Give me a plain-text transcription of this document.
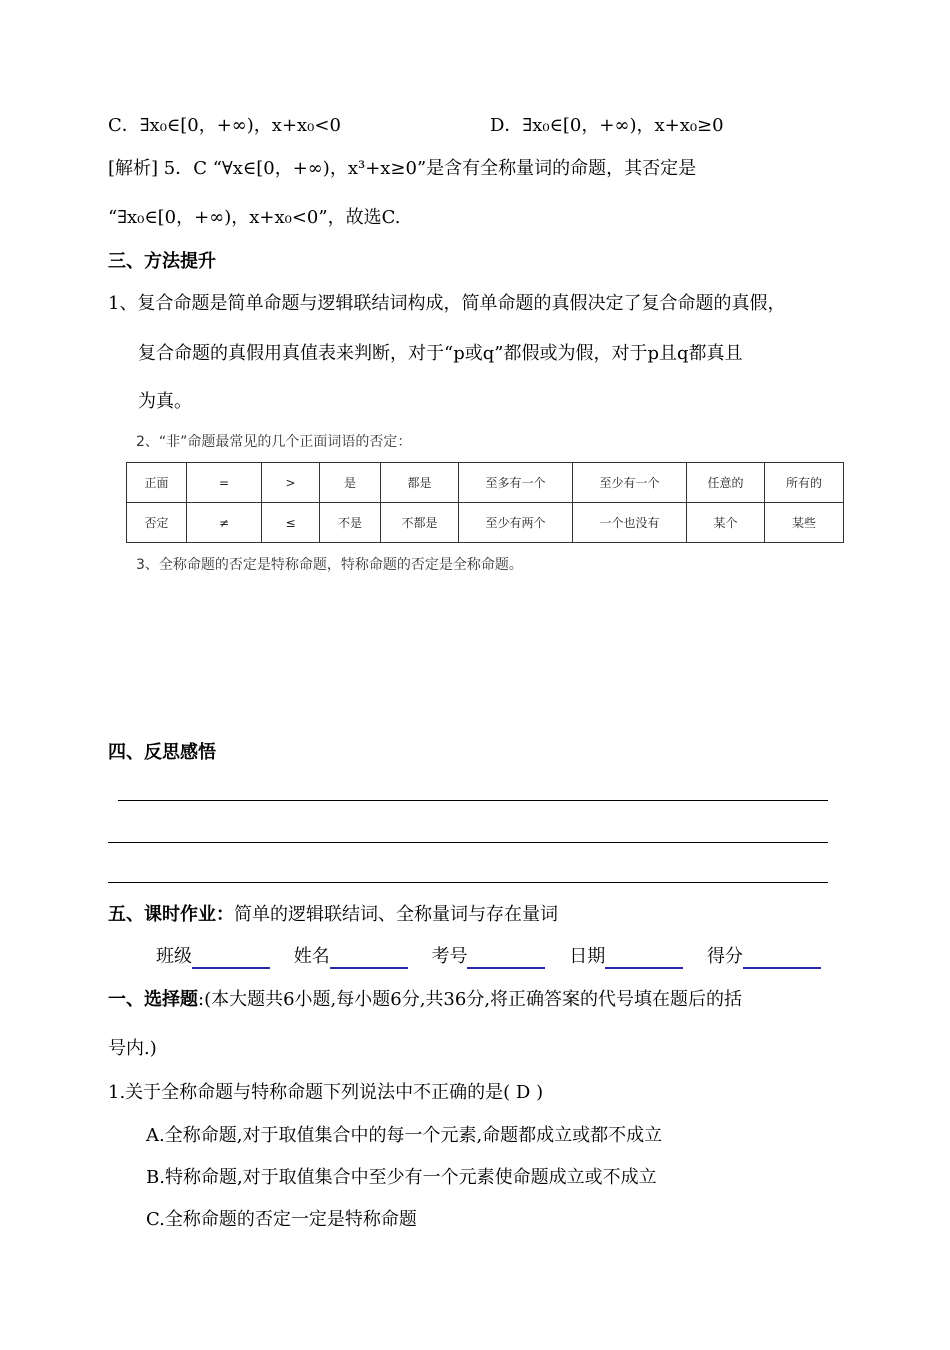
C．∃x₀∈[0，+∞)，x+x₀<0	D．∃x₀∈[0，+∞)，x+x₀≥0
[解析] 5．C “∀x∈[0，+∞)，x³+x≥0”是含有全称量词的命题，其否定是
“∃x₀∈[0，+∞)，x+x₀<0”，故选C.
三、方法提升
1、复合命题是简单命题与逻辑联结词构成，简单命题的真假决定了复合命题的真假，
复合命题的真假用真值表来判断，对于“p或q”都假或为假，对于p且q都真且
为真。
2、“非”命题最常见的几个正面词语的否定：
正面	=	>	是	都是	至多有一个	至少有一个	任意的	所有的
否定	≠	≤	不是	不都是	至少有两个	一个也没有	某个	某些
3、全称命题的否定是特称命题，特称命题的否定是全称命题。
四、反思感悟
五、课时作业：简单的逻辑联结词、全称量词与存在量词
班级	姓名	考号	日期	得分
一、选择题:(本大题共6小题,每小题6分,共36分,将正确答案的代号填在题后的括
号内.)
1.关于全称命题与特称命题下列说法中不正确的是( D )
A.全称命题,对于取值集合中的每一个元素,命题都成立或都不成立
B.特称命题,对于取值集合中至少有一个元素使命题成立或不成立
C.全称命题的否定一定是特称命题
